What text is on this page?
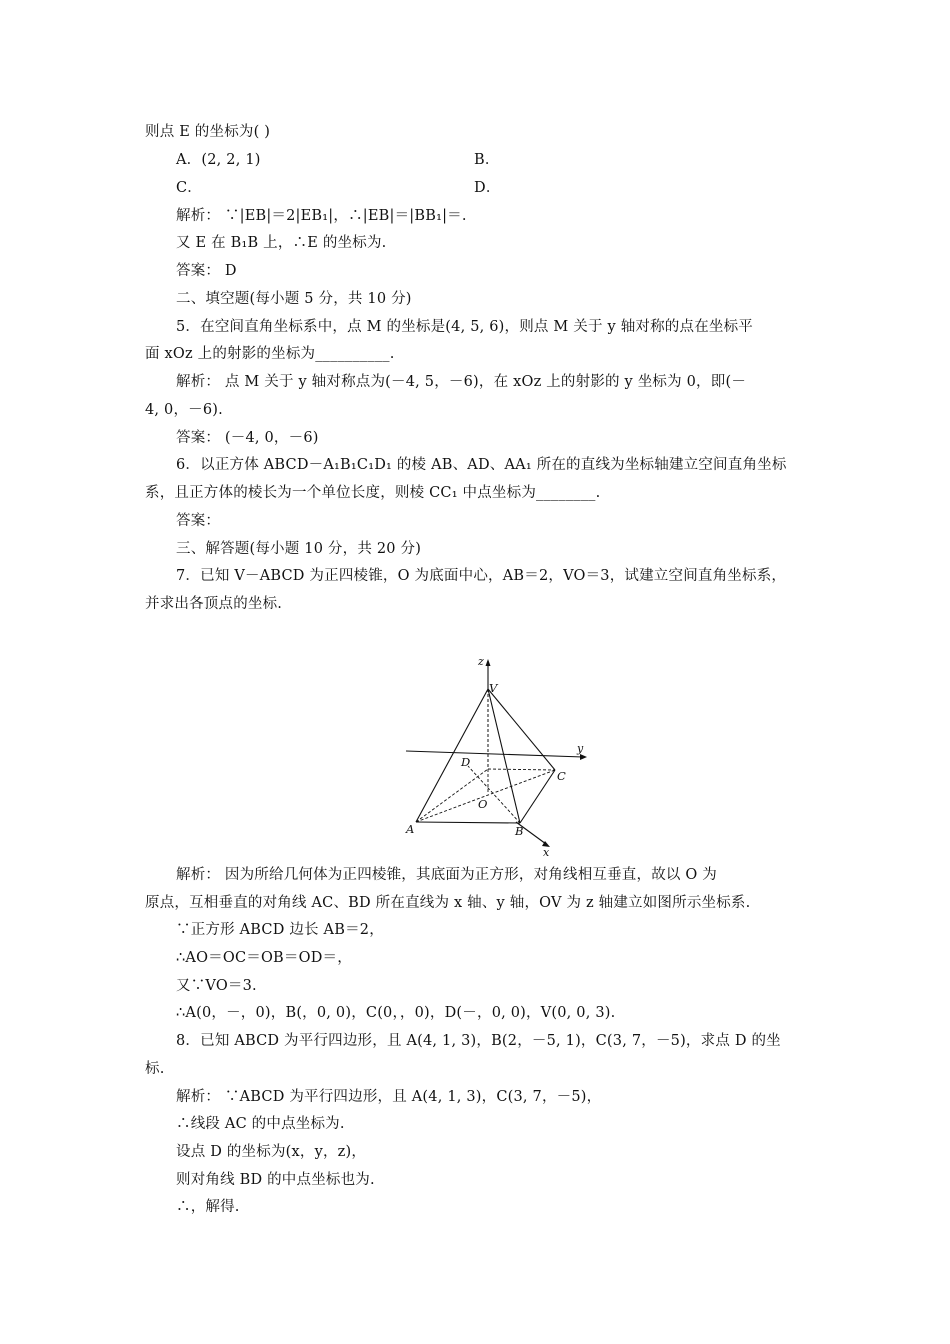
则点 E 的坐标为( )
A．(2, 2, 1)	B．
C．	D．
解析： ∵|EB|＝2|EB₁|，∴|EB|＝|BB₁|＝.
又 E 在 B₁B 上，∴E 的坐标为.
答案： D
二、填空题(每小题 5 分，共 10 分)
5．在空间直角坐标系中，点 M 的坐标是(4, 5, 6)，则点 M 关于 y 轴对称的点在坐标平
面 xOz 上的射影的坐标为__________.
解析： 点 M 关于 y 轴对称点为(－4, 5，－6)，在 xOz 上的射影的 y 坐标为 0，即(－
4, 0，－6).
答案： (－4, 0，－6)
6．以正方体 ABCD－A₁B₁C₁D₁ 的棱 AB、AD、AA₁ 所在的直线为坐标轴建立空间直角坐标
系，且正方体的棱长为一个单位长度，则棱 CC₁ 中点坐标为________.
答案：
三、解答题(每小题 10 分，共 20 分)
7．已知 V－ABCD 为正四棱锥，O 为底面中心，AB＝2，VO＝3，试建立空间直角坐标系，
并求出各顶点的坐标.
z
y
x
V
D
C
O
A	B
解析： 因为所给几何体为正四棱锥，其底面为正方形，对角线相互垂直，故以 O 为
原点，互相垂直的对角线 AC、BD 所在直线为 x 轴、y 轴，OV 为 z 轴建立如图所示坐标系.
∵正方形 ABCD 边长 AB＝2，
∴AO＝OC＝OB＝OD＝，
又∵VO＝3.
∴A(0，－，0)，B(，0, 0)，C(0，，0)，D(－，0, 0)，V(0, 0, 3).
8．已知 ABCD 为平行四边形，且 A(4, 1, 3)，B(2，－5, 1)，C(3, 7，－5)，求点 D 的坐
标.
解析： ∵ABCD 为平行四边形，且 A(4, 1, 3)，C(3, 7，－5)，
∴线段 AC 的中点坐标为.
设点 D 的坐标为(x，y，z)，
则对角线 BD 的中点坐标也为.
∴，解得.
